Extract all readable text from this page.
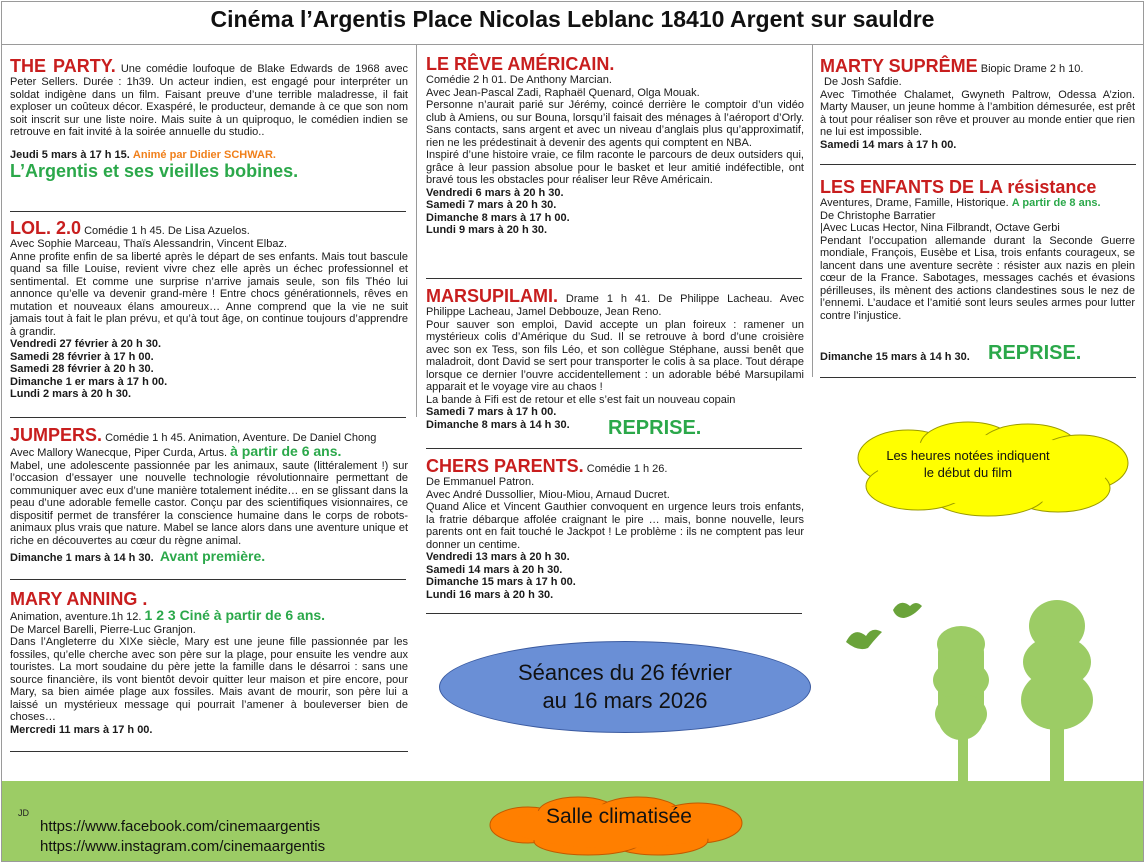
Cinéma l’Argentis Place Nicolas Leblanc 18410 Argent sur sauldre

THE PARTY. Une comédie loufoque de Blake Edwards de 1968 avec Peter Sellers. Durée : 1h39. Un acteur indien, est engagé pour interpréter un soldat indigène dans un film. Faisant preuve d’une terrible maladresse, il fait exploser un coûteux décor. Exaspéré, le producteur, demande à ce que son nom soit inscrit sur une liste noire. Mais suite à un quiproquo, le comédien indien se retrouve en fait invité à la soirée annuelle du studio..

Jeudi 5 mars à 17 h 15. Animé par Didier SCHWAR.

L’Argentis et ses vieilles bobines.

LOL. 2.0 Comédie 1 h 45. De Lisa Azuelos.

Avec Sophie Marceau, Thaïs Alessandrin, Vincent Elbaz.

Anne profite enfin de sa liberté après le départ de ses enfants. Mais tout bascule quand sa fille Louise, revient vivre chez elle après un échec professionnel et sentimental. Et comme une surprise n’arrive jamais seule, son fils Théo lui annonce qu’elle va devenir grand-mère ! Entre chocs générationnels, rêves en mutation et nouveaux élans amoureux… Anne comprend que la vie ne suit jamais tout à fait le plan prévu, et qu’à tout âge, on continue toujours d’apprendre à grandir.

Vendredi 27 février à 20 h 30.

Samedi 28 février à 17 h 00.

Samedi 28 février à 20 h 30.

Dimanche 1 er mars à 17 h 00.

Lundi 2 mars à 20 h 30.

JUMPERS. Comédie 1 h 45. Animation, Aventure. De Daniel Chong

Avec Mallory Wanecque, Piper Curda, Artus. à partir de 6 ans.

Mabel, une adolescente passionnée par les animaux, saute (littéralement !) sur l’occasion d’essayer une nouvelle technologie révolutionnaire permettant de communiquer avec eux d’une manière totalement inédite… en se glissant dans la peau d’une adorable femelle castor. Conçu par des scientifiques visionnaires, ce dispositif permet de transférer la conscience humaine dans le corps de robots-animaux plus vrais que nature. Mabel se lance alors dans une aventure unique et riche en découvertes au cœur du règne animal.

Dimanche 1 mars à 14 h 30. Avant première.

MARY ANNING .

Animation, aventure.1h 12. 1 2 3 Ciné à partir de 6 ans.

De Marcel Barelli, Pierre-Luc Granjon.

Dans l’Angleterre du XIXe siècle, Mary est une jeune fille passionnée par les fossiles, qu’elle cherche avec son père sur la plage, pour ensuite les vendre aux touristes. La mort soudaine du père jette la famille dans le désarroi : sans une source financière, ils vont bientôt devoir quitter leur maison et pire encore, pour Mary, sa bien aimée plage aux fossiles. Mais avant de mourir, son père lui a laissé un mystérieux message qui pourrait l’amener à bouleverser bien de choses…

Mercredi 11 mars à 17 h 00.

LE RÊVE AMÉRICAIN.

Comédie 2 h 01. De Anthony Marcian.

Avec Jean-Pascal Zadi, Raphaël Quenard, Olga Mouak.

Personne n’aurait parié sur Jérémy, coincé derrière le comptoir d’un vidéo club à Amiens, ou sur Bouna, lorsqu’il faisait des ménages à l’aéroport d’Orly. Sans contacts, sans argent et avec un niveau d’anglais plus qu’approximatif, rien ne les prédestinait à devenir des agents qui comptent en NBA.

Inspiré d’une histoire vraie, ce film raconte le parcours de deux outsiders qui, grâce à leur passion absolue pour le basket et leur amitié indéfectible, ont bravé tous les obstacles pour réaliser leur Rêve Américain.

Vendredi 6 mars à 20 h 30.

Samedi 7 mars à 20 h 30.

Dimanche 8 mars à 17 h 00.

Lundi 9 mars à 20 h 30.

MARSUPILAMI. Drame 1 h 41. De Philippe Lacheau. Avec Philippe Lacheau, Jamel Debbouze, Jean Reno.

Pour sauver son emploi, David accepte un plan foireux : ramener un mystérieux colis d’Amérique du Sud. Il se retrouve à bord d’une croisière avec son ex Tess, son fils Léo, et son collègue Stéphane, aussi benêt que maladroit, dont David se sert pour transporter le colis à sa place. Tout dérape lorsque ce dernier l’ouvre accidentellement : un adorable bébé Marsupilami apparait et le voyage vire au chaos !

La bande à Fifi est de retour et elle s’est fait un nouveau copain

Samedi 7 mars à 17 h 00.

Dimanche 8 mars à 14 h 30.	REPRISE.

CHERS PARENTS. Comédie 1 h 26.

De Emmanuel Patron.

Avec André Dussollier, Miou-Miou, Arnaud Ducret.

Quand Alice et Vincent Gauthier convoquent en urgence leurs trois enfants, la fratrie débarque affolée craignant le pire … mais, bonne nouvelle, leurs parents ont en fait touché le Jackpot ! Le problème : ils ne comptent pas leur donner un centime.

Vendredi 13 mars à 20 h 30.

Samedi 14 mars à 20 h 30.

Dimanche 15 mars à 17 h 00.

Lundi 16 mars à 20 h 30.

Séances du 26 février
au 16 mars 2026

MARTY SUPRÊME Biopic Drame 2 h 10.

De Josh Safdie.

Avec Timothée Chalamet, Gwyneth Paltrow, Odessa A’zion. Marty Mauser, un jeune homme à l’ambition démesurée, est prêt à tout pour réaliser son rêve et prouver au monde entier que rien ne lui est impossible.

Samedi 14 mars à 17 h 00.

LES ENFANTS DE LA résistance

Aventures, Drame, Famille, Historique. A partir de 8 ans.

De Christophe Barratier

|Avec Lucas Hector, Nina Filbrandt, Octave Gerbi

Pendant l’occupation allemande durant la Seconde Guerre mondiale, François, Eusèbe et Lisa, trois enfants courageux, se lancent dans une aventure secrète : résister aux nazis en plein cœur de la France. Sabotages, messages cachés et évasions périlleuses, ils mènent des actions clandestines sous le nez de l’ennemi. L’audace et l’amitié sont leurs seules armes pour lutter contre l’injustice.

Dimanche 15 mars à 14 h 30. REPRISE.
Les heures notées indiquent
le début du film
JD
https://www.facebook.com/cinemaargentis
https://www.instagram.com/cinemaargentis
Salle climatisée
